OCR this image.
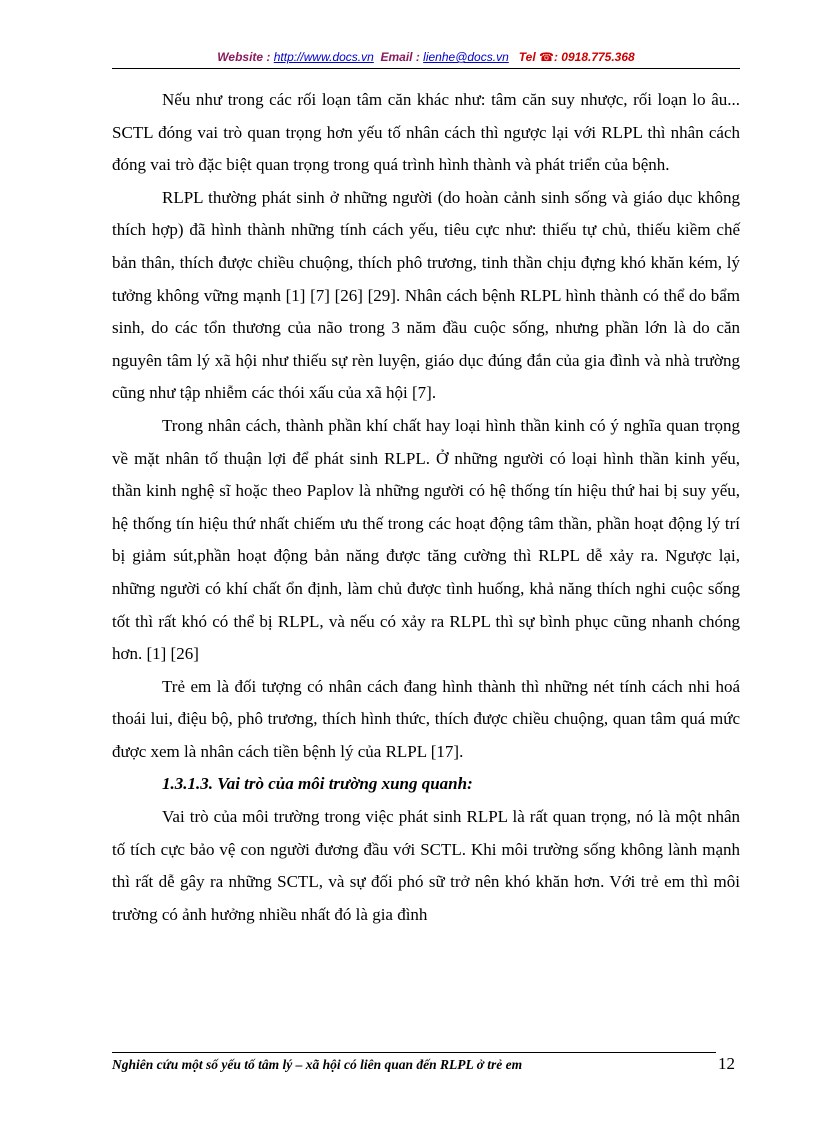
Website : http://www.docs.vn Email : lienhe@docs.vn Tel ☎: 0918.775.368

Nếu như trong các rối loạn tâm căn khác như: tâm căn suy nhược, rối loạn lo âu... SCTL đóng vai trò quan trọng hơn yếu tố nhân cách thì ngược lại với RLPL thì nhân cách đóng vai trò đặc biệt quan trọng trong quá trình hình thành và phát triển của bệnh.

RLPL thường phát sinh ở những người (do hoàn cảnh sinh sống và giáo dục không thích hợp) đã hình thành những tính cách yếu, tiêu cực như: thiếu tự chủ, thiếu kiềm chế bản thân, thích được chiều chuộng, thích phô trương, tinh thần chịu đựng khó khăn kém, lý tưởng không vững mạnh [1] [7] [26] [29]. Nhân cách bệnh RLPL hình thành có thể do bẩm sinh, do các tổn thương của não trong 3 năm đầu cuộc sống, nhưng phần lớn là do căn nguyên tâm lý xã hội như thiếu sự rèn luyện, giáo dục đúng đắn của gia đình và nhà trường cũng như tập nhiễm các thói xấu của xã hội [7].

Trong nhân cách, thành phần khí chất hay loại hình thần kinh có ý nghĩa quan trọng về mặt nhân tố thuận lợi để phát sinh RLPL. Ở những người có loại hình thần kinh yếu, thần kinh nghệ sĩ hoặc theo Paplov là những người có hệ thống tín hiệu thứ hai bị suy yếu, hệ thống tín hiệu thứ nhất chiếm ưu thế trong các hoạt động tâm thần, phần hoạt động lý trí bị giảm sút,phần hoạt động bản năng được tăng cường thì RLPL dễ xảy ra. Ngược lại, những người có khí chất ổn định, làm chủ được tình huống, khả năng thích nghi cuộc sống tốt thì rất khó có thể bị RLPL, và nếu có xảy ra RLPL thì sự bình phục cũng nhanh chóng hơn. [1] [26]

Trẻ em là đối tượng có nhân cách đang hình thành thì những nét tính cách nhi hoá thoái lui, điệu bộ, phô trương, thích hình thức, thích được chiều chuộng, quan tâm quá mức được xem là nhân cách tiền bệnh lý của RLPL [17].

1.3.1.3. Vai trò của môi trường xung quanh:

Vai trò của môi trường trong việc phát sinh RLPL là rất quan trọng, nó là một nhân tố tích cực bảo vệ con người đương đầu với SCTL. Khi môi trường sống không lành mạnh thì rất dễ gây ra những SCTL, và sự đối phó sữ trở nên khó khăn hơn. Với trẻ em thì môi trường có ảnh hưởng nhiều nhất đó là gia đình

Nghiên cứu một số yếu tố tâm lý – xã hội có liên quan đến RLPL ở trẻ em	12
